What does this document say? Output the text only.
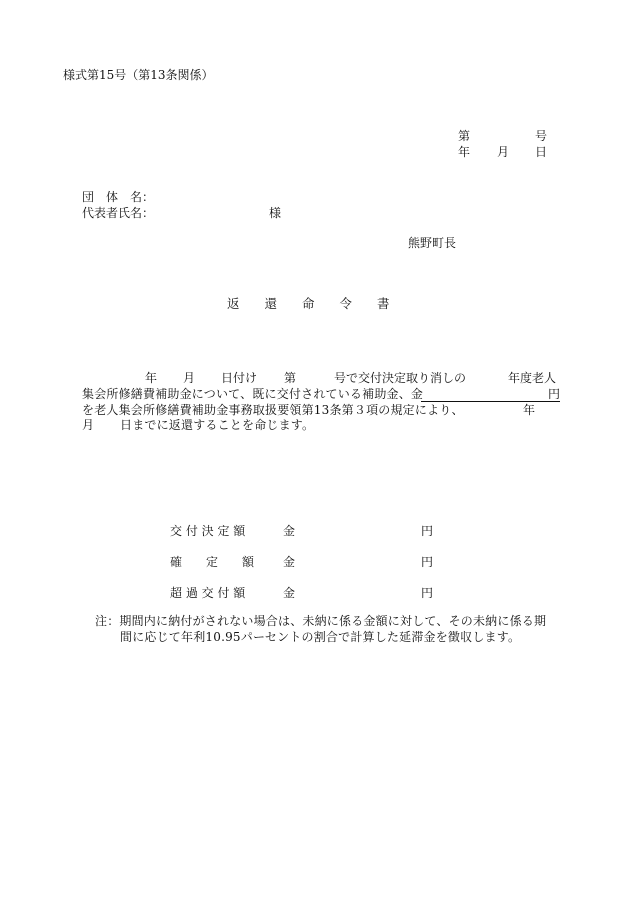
様式第15号（第13条関係）
第	号
年 月 日
団　体　名：
代表者氏名：	様
熊野町長
返　　還　　命　　令　　書
年 月 日付け 第	号で交付決定取り消しの	年度老人
集会所修繕費補助金について、既に交付されている補助金、金	円
を老人集会所修繕費補助金事務取扱要領第13条第３項の規定により、	年
月 日までに返還することを命じます。
交 付 決 定 額	金	円
確　　定　　額 金	円
超 過 交 付 額	金	円
注：期間内に納付がされない場合は、未納に係る金額に対して、その未納に係る期
間に応じて年利10.95パーセントの割合で計算した延滞金を徴収します。
